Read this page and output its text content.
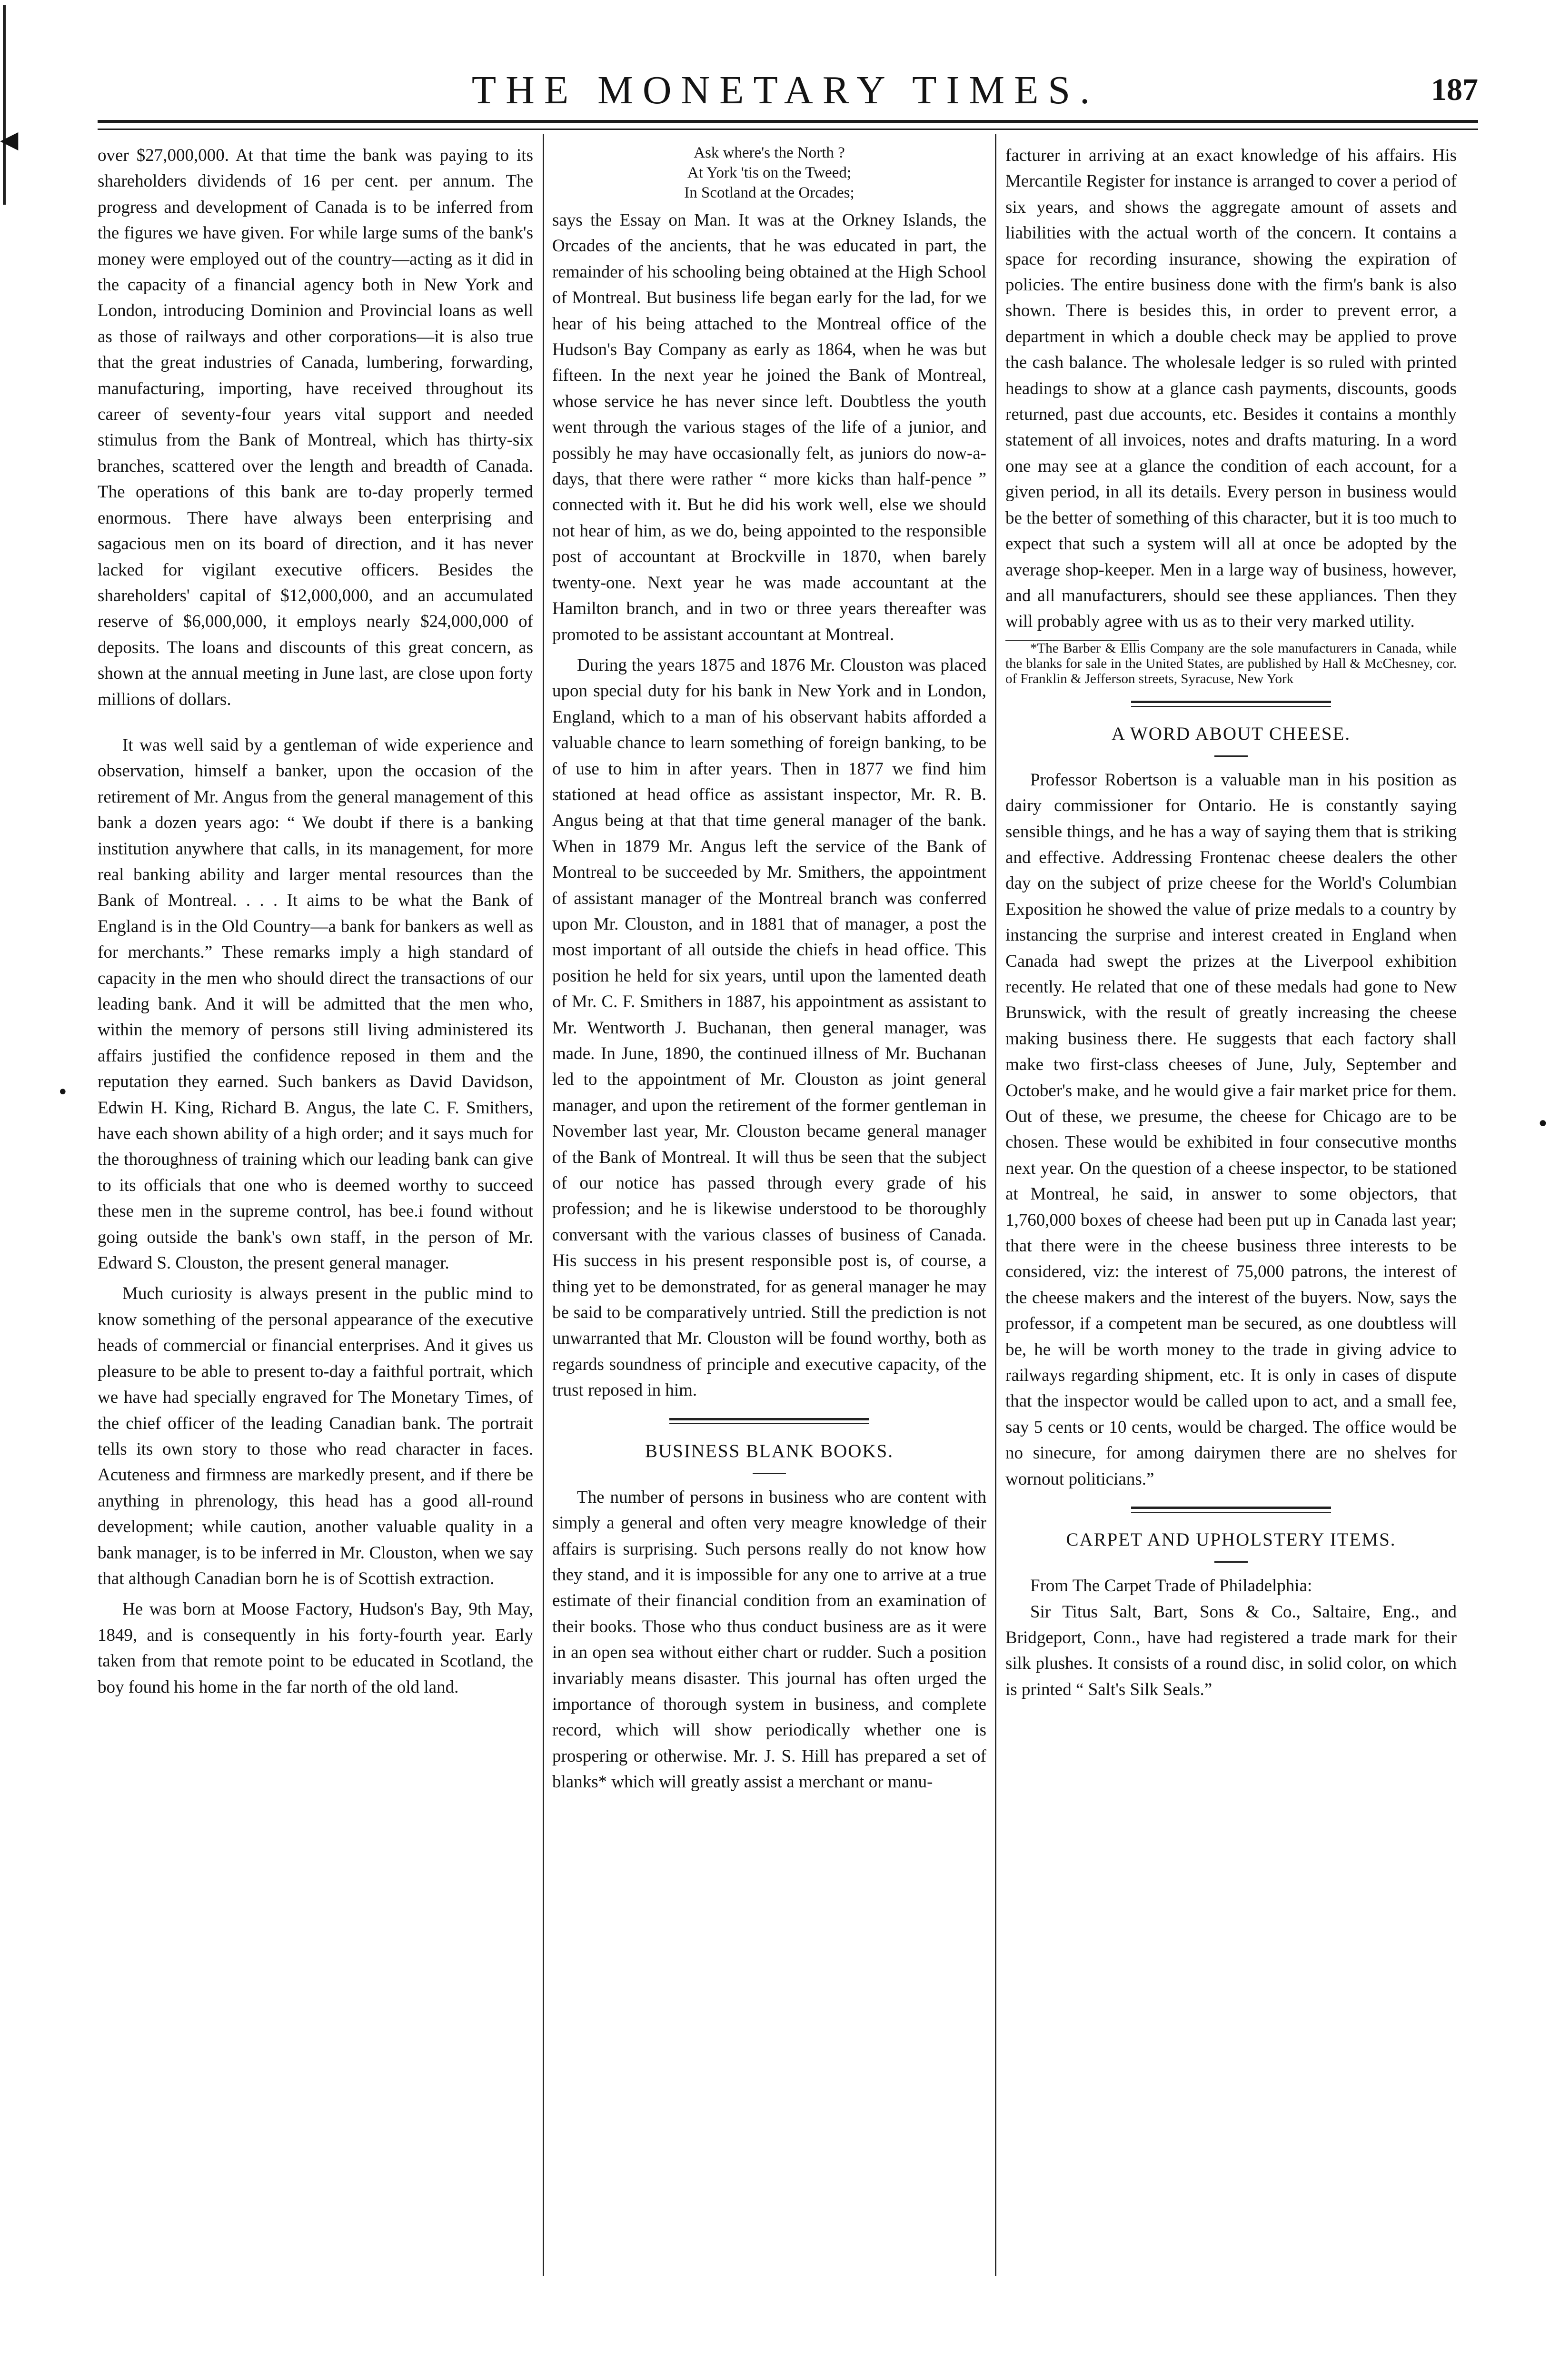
◀
•
•
THE MONETARY TIMES.	187

over $27,000,000. At that time the bank was paying to its shareholders dividends of 16 per cent. per annum. The progress and development of Canada is to be inferred from the figures we have given. For while large sums of the bank's money were employed out of the country—acting as it did in the capacity of a financial agency both in New York and London, introducing Dominion and Provincial loans as well as those of railways and other corporations—it is also true that the great industries of Canada, lumbering, forwarding, manufacturing, importing, have received throughout its career of seventy-four years vital support and needed stimulus from the Bank of Montreal, which has thirty-six branches, scattered over the length and breadth of Canada. The operations of this bank are to-day properly termed enormous. There have always been enterprising and sagacious men on its board of direction, and it has never lacked for vigilant executive officers. Besides the shareholders' capital of $12,000,000, and an accumulated reserve of $6,000,000, it employs nearly $24,000,000 of deposits. The loans and discounts of this great concern, as shown at the annual meeting in June last, are close upon forty millions of dollars.

It was well said by a gentleman of wide experience and observation, himself a banker, upon the occasion of the retirement of Mr. Angus from the general management of this bank a dozen years ago: “ We doubt if there is a banking institution anywhere that calls, in its management, for more real banking ability and larger mental resources than the Bank of Montreal. . . . It aims to be what the Bank of England is in the Old Country—a bank for bankers as well as for merchants.” These remarks imply a high standard of capacity in the men who should direct the transactions of our leading bank. And it will be admitted that the men who, within the memory of persons still living administered its affairs justified the confidence reposed in them and the reputation they earned. Such bankers as David Davidson, Edwin H. King, Richard B. Angus, the late C. F. Smithers, have each shown ability of a high order; and it says much for the thoroughness of training which our leading bank can give to its officials that one who is deemed worthy to succeed these men in the supreme control, has bee.i found without going outside the bank's own staff, in the person of Mr. Edward S. Clouston, the present general manager.

Much curiosity is always present in the public mind to know something of the personal appearance of the executive heads of commercial or financial enterprises. And it gives us pleasure to be able to present to-day a faithful portrait, which we have had specially engraved for The Monetary Times, of the chief officer of the leading Canadian bank. The portrait tells its own story to those who read character in faces. Acuteness and firmness are markedly present, and if there be anything in phrenology, this head has a good all-round development; while caution, another valuable quality in a bank manager, is to be inferred in Mr. Clouston, when we say that although Canadian born he is of Scottish extraction.

He was born at Moose Factory, Hudson's Bay, 9th May, 1849, and is consequently in his forty-fourth year. Early taken from that remote point to be educated in Scotland, the boy found his home in the far north of the old land.

Ask where's the North ?
At York 'tis on the Tweed;
In Scotland at the Orcades;

says the Essay on Man. It was at the Orkney Islands, the Orcades of the ancients, that he was educated in part, the remainder of his schooling being obtained at the High School of Montreal. But business life began early for the lad, for we hear of his being attached to the Montreal office of the Hudson's Bay Company as early as 1864, when he was but fifteen. In the next year he joined the Bank of Montreal, whose service he has never since left. Doubtless the youth went through the various stages of the life of a junior, and possibly he may have occasionally felt, as juniors do now-a-days, that there were rather “ more kicks than half-pence ” connected with it. But he did his work well, else we should not hear of him, as we do, being appointed to the responsible post of accountant at Brockville in 1870, when barely twenty-one. Next year he was made accountant at the Hamilton branch, and in two or three years thereafter was promoted to be assistant accountant at Montreal.

During the years 1875 and 1876 Mr. Clouston was placed upon special duty for his bank in New York and in London, England, which to a man of his observant habits afforded a valuable chance to learn something of foreign banking, to be of use to him in after years. Then in 1877 we find him stationed at head office as assistant inspector, Mr. R. B. Angus being at that that time general manager of the bank. When in 1879 Mr. Angus left the service of the Bank of Montreal to be succeeded by Mr. Smithers, the appointment of assistant manager of the Montreal branch was conferred upon Mr. Clouston, and in 1881 that of manager, a post the most important of all outside the chiefs in head office. This position he held for six years, until upon the lamented death of Mr. C. F. Smithers in 1887, his appointment as assistant to Mr. Wentworth J. Buchanan, then general manager, was made. In June, 1890, the continued illness of Mr. Buchanan led to the appointment of Mr. Clouston as joint general manager, and upon the retirement of the former gentleman in November last year, Mr. Clouston became general manager of the Bank of Montreal. It will thus be seen that the subject of our notice has passed through every grade of his profession; and he is likewise understood to be thoroughly conversant with the various classes of business of Canada. His success in his present responsible post is, of course, a thing yet to be demonstrated, for as general manager he may be said to be comparatively untried. Still the prediction is not unwarranted that Mr. Clouston will be found worthy, both as regards soundness of principle and executive capacity, of the trust reposed in him.

BUSINESS BLANK BOOKS.

The number of persons in business who are content with simply a general and often very meagre knowledge of their affairs is surprising. Such persons really do not know how they stand, and it is impossible for any one to arrive at a true estimate of their financial condition from an examination of their books. Those who thus conduct business are as it were in an open sea without either chart or rudder. Such a position invariably means disaster. This journal has often urged the importance of thorough system in business, and complete record, which will show periodically whether one is prospering or otherwise. Mr. J. S. Hill has prepared a set of blanks* which will greatly assist a merchant or manu-

facturer in arriving at an exact knowledge of his affairs. His Mercantile Register for instance is arranged to cover a period of six years, and shows the aggregate amount of assets and liabilities with the actual worth of the concern. It contains a space for recording insurance, showing the expiration of policies. The entire business done with the firm's bank is also shown. There is besides this, in order to prevent error, a department in which a double check may be applied to prove the cash balance. The wholesale ledger is so ruled with printed headings to show at a glance cash payments, discounts, goods returned, past due accounts, etc. Besides it contains a monthly statement of all invoices, notes and drafts maturing. In a word one may see at a glance the condition of each account, for a given period, in all its details. Every person in business would be the better of something of this character, but it is too much to expect that such a system will all at once be adopted by the average shop-keeper. Men in a large way of business, however, and all manufacturers, should see these appliances. Then they will probably agree with us as to their very marked utility.

*The Barber & Ellis Company are the sole manufacturers in Canada, while the blanks for sale in the United States, are published by Hall & McChesney, cor. of Franklin & Jefferson streets, Syracuse, New York

A WORD ABOUT CHEESE.

Professor Robertson is a valuable man in his position as dairy commissioner for Ontario. He is constantly saying sensible things, and he has a way of saying them that is striking and effective. Addressing Frontenac cheese dealers the other day on the subject of prize cheese for the World's Columbian Exposition he showed the value of prize medals to a country by instancing the surprise and interest created in England when Canada had swept the prizes at the Liverpool exhibition recently. He related that one of these medals had gone to New Brunswick, with the result of greatly increasing the cheese making business there. He suggests that each factory shall make two first-class cheeses of June, July, September and October's make, and he would give a fair market price for them. Out of these, we presume, the cheese for Chicago are to be chosen. These would be exhibited in four consecutive months next year. On the question of a cheese inspector, to be stationed at Montreal, he said, in answer to some objectors, that 1,760,000 boxes of cheese had been put up in Canada last year; that there were in the cheese business three interests to be considered, viz: the interest of 75,000 patrons, the interest of the cheese makers and the interest of the buyers. Now, says the professor, if a competent man be secured, as one doubtless will be, he will be worth money to the trade in giving advice to railways regarding shipment, etc. It is only in cases of dispute that the inspector would be called upon to act, and a small fee, say 5 cents or 10 cents, would be charged. The office would be no sinecure, for among dairymen there are no shelves for wornout politicians.”

CARPET AND UPHOLSTERY ITEMS.

From The Carpet Trade of Philadelphia:

Sir Titus Salt, Bart, Sons & Co., Saltaire, Eng., and Bridgeport, Conn., have had registered a trade mark for their silk plushes. It consists of a round disc, in solid color, on which is printed “ Salt's Silk Seals.”
